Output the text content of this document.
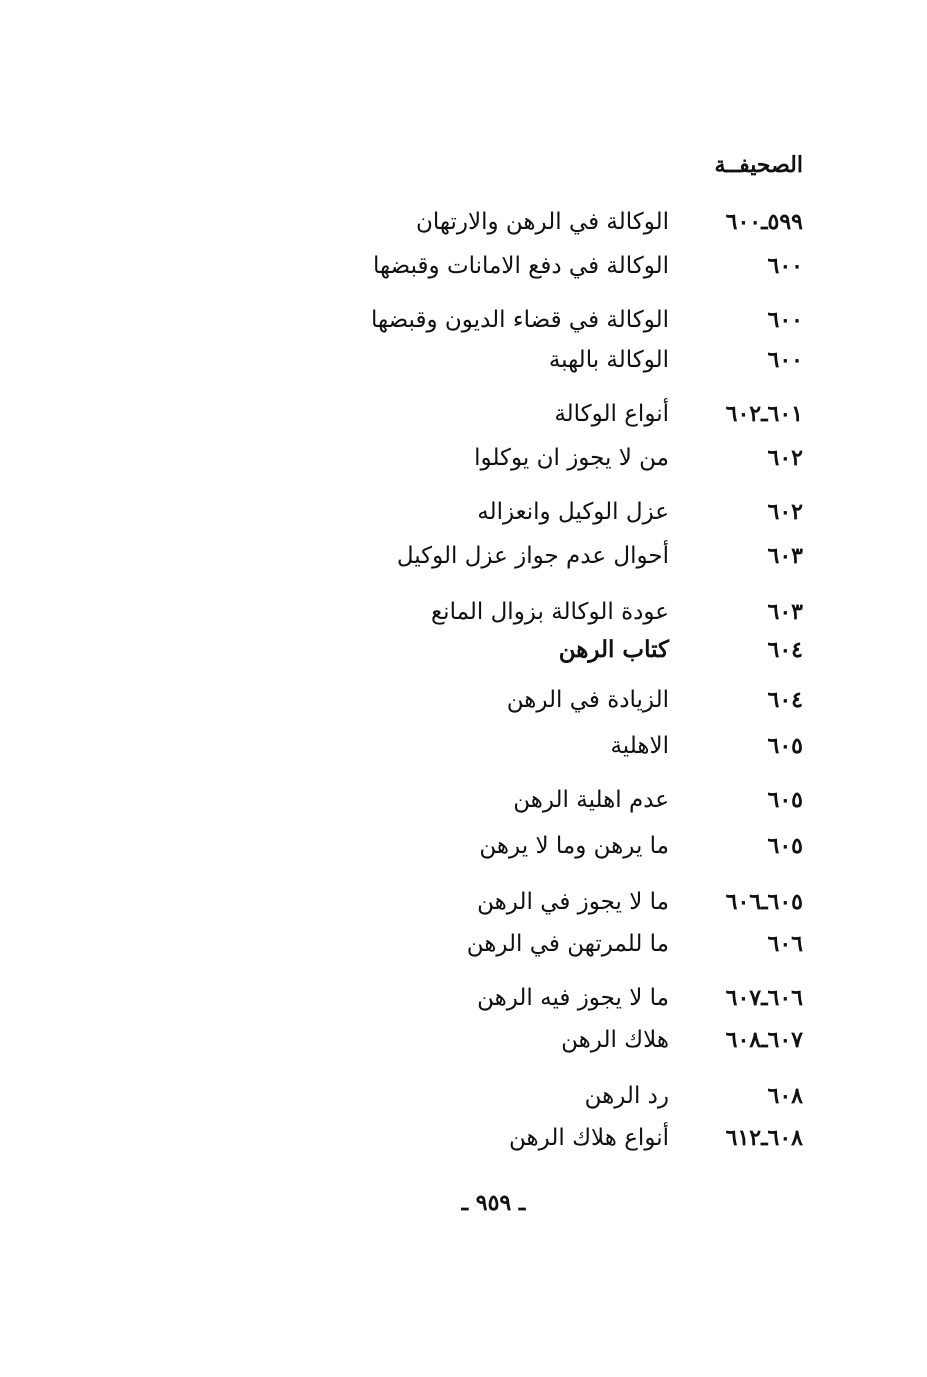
الصحيفــة
٥٩٩ـ٦٠٠
الوكالة في الرهن والارتهان
٦٠٠
الوكالة في دفع الامانات وقبضها
٦٠٠
الوكالة في قضاء الديون وقبضها
٦٠٠
الوكالة بالهبة
٦٠١ـ٦٠٢
أنواع الوكالة
٦٠٢
من لا يجوز ان يوكلوا
٦٠٢
عزل الوكيل وانعزاله
٦٠٣
أحوال عدم جواز عزل الوكيل
٦٠٣
عودة الوكالة بزوال المانع
٦٠٤
كتاب الرهن
٦٠٤
الزيادة في الرهن
٦٠٥
الاهلية
٦٠٥
عدم اهلية الرهن
٦٠٥
ما يرهن وما لا يرهن
٦٠٥ـ٦٠٦
ما لا يجوز في الرهن
٦٠٦
ما للمرتهن في الرهن
٦٠٦ـ٦٠٧
ما لا يجوز فيه الرهن
٦٠٧ـ٦٠٨
هلاك الرهن
٦٠٨
رد الرهن
٦٠٨ـ٦١٢
أنواع هلاك الرهن
ـ ٩٥٩ ـ
